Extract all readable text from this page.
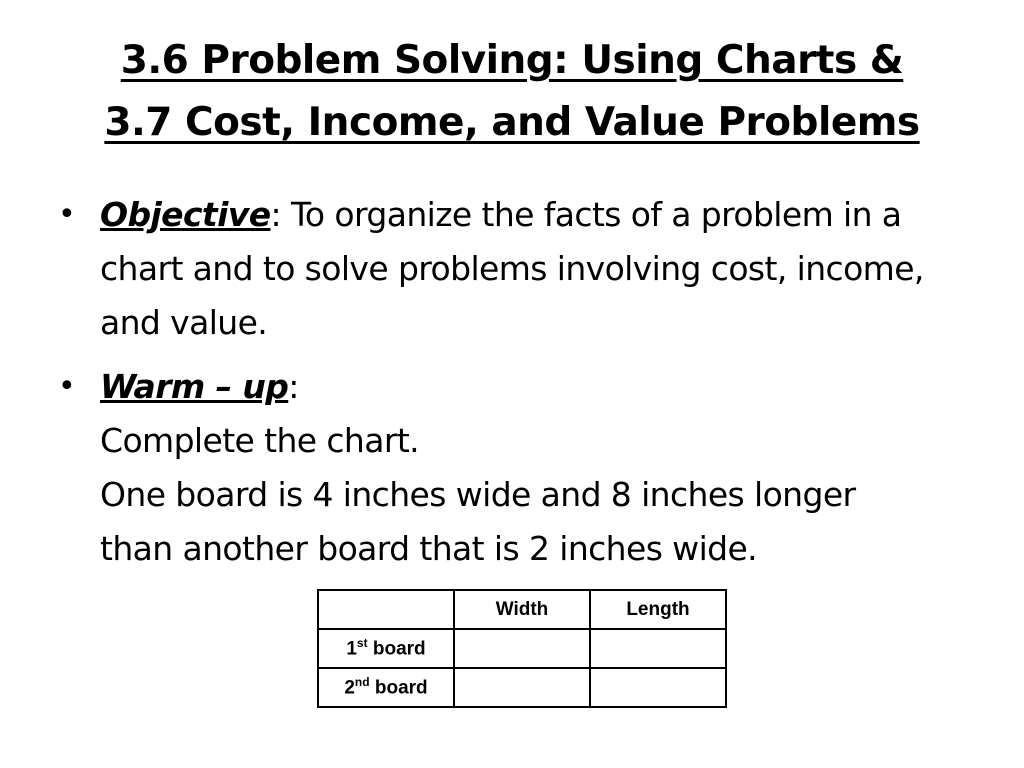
3.6 Problem Solving: Using Charts &
3.7 Cost, Income, and Value Problems
• Objective: To organize the facts of a problem in a chart and to solve problems involving cost, income, and value.
• Warm – up:
Complete the chart.
One board is 4 inches wide and 8 inches longer than another board that is 2 inches wide.
	Width	Length
1st board		
2nd board		
